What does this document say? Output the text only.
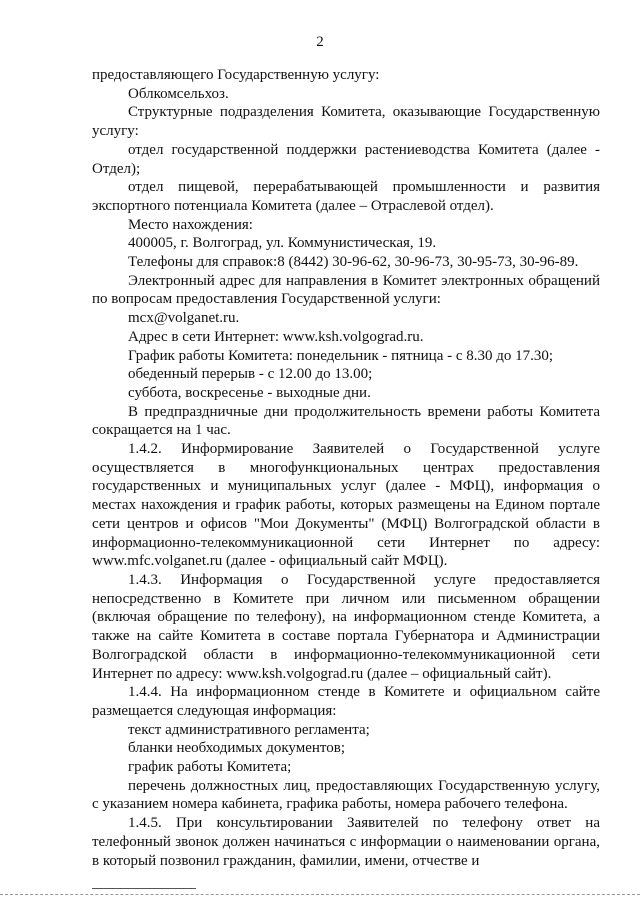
2

предоставляющего Государственную услугу:

Облкомсельхоз.

Структурные подразделения Комитета, оказывающие Государственную услугу:

отдел государственной поддержки растениеводства Комитета (далее - Отдел);

отдел пищевой, перерабатывающей промышленности и развития экспортного потенциала Комитета (далее – Отраслевой отдел).

Место нахождения:

400005, г. Волгоград, ул. Коммунистическая, 19.

Телефоны для справок:8 (8442) 30-96-62, 30-96-73, 30-95-73, 30-96-89.

Электронный адрес для направления в Комитет электронных обращений по вопросам предоставления Государственной услуги:

mcx@volganet.ru.

Адрес в сети Интернет: www.ksh.volgograd.ru.

График работы Комитета: понедельник - пятница - с 8.30 до 17.30;

обеденный перерыв - с 12.00 до 13.00;

суббота, воскресенье - выходные дни.

В предпраздничные дни продолжительность времени работы Комитета сокращается на 1 час.

1.4.2. Информирование Заявителей о Государственной услуге осуществляется в многофункциональных центрах предоставления государственных и муниципальных услуг (далее - МФЦ), информация о местах нахождения и график работы, которых размещены на Едином портале сети центров и офисов "Мои Документы" (МФЦ) Волгоградской области в информационно-телекоммуникационной сети Интернет по адресу: www.mfc.volganet.ru (далее - официальный сайт МФЦ).

1.4.3. Информация о Государственной услуге предоставляется непосредственно в Комитете при личном или письменном обращении (включая обращение по телефону), на информационном стенде Комитета, а также на сайте Комитета в составе портала Губернатора и Администрации Волгоградской области в информационно-телекоммуникационной сети Интернет по адресу: www.ksh.volgograd.ru (далее – официальный сайт).

1.4.4. На информационном стенде в Комитете и официальном сайте размещается следующая информация:

текст административного регламента;

бланки необходимых документов;

график работы Комитета;

перечень должностных лиц, предоставляющих Государственную услугу, с указанием номера кабинета, графика работы, номера рабочего телефона.

1.4.5. При консультировании Заявителей по телефону ответ на телефонный звонок должен начинаться с информации о наименовании органа, в который позвонил гражданин, фамилии, имени, отчестве и
